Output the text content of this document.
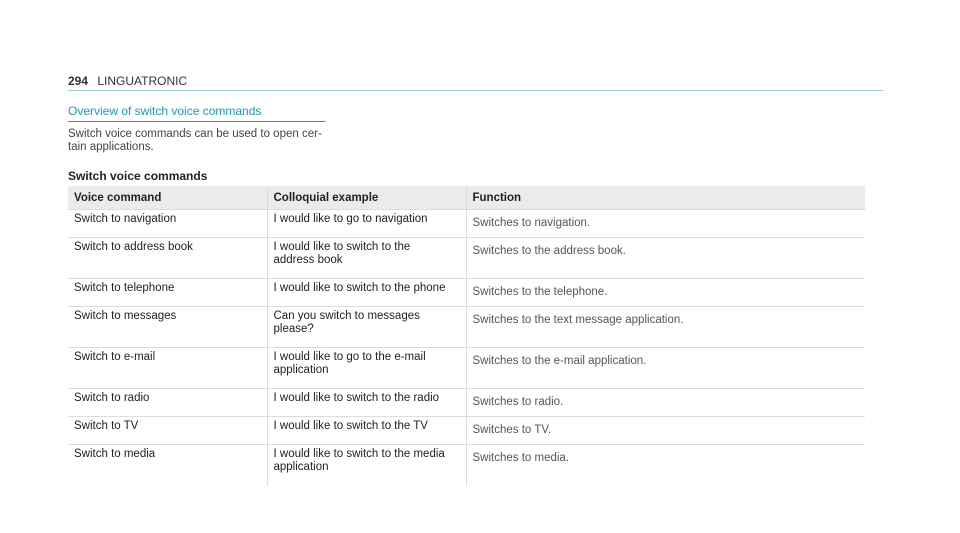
294 LINGUATRONIC
Overview of switch voice commands
Switch voice commands can be used to open cer-
tain applications.
Switch voice commands
Voice command	Colloquial example	Function
Switch to navigation	I would like to go to navigation	Switches to navigation.
Switch to address book	I would like to switch to the
address book	Switches to the address book.
Switch to telephone	I would like to switch to the phone	Switches to the telephone.
Switch to messages	Can you switch to messages
please?	Switches to the text message application.
Switch to e-mail	I would like to go to the e-mail
application	Switches to the e-mail application.
Switch to radio	I would like to switch to the radio	Switches to radio.
Switch to TV	I would like to switch to the TV	Switches to TV.
Switch to media	I would like to switch to the media
application	Switches to media.
